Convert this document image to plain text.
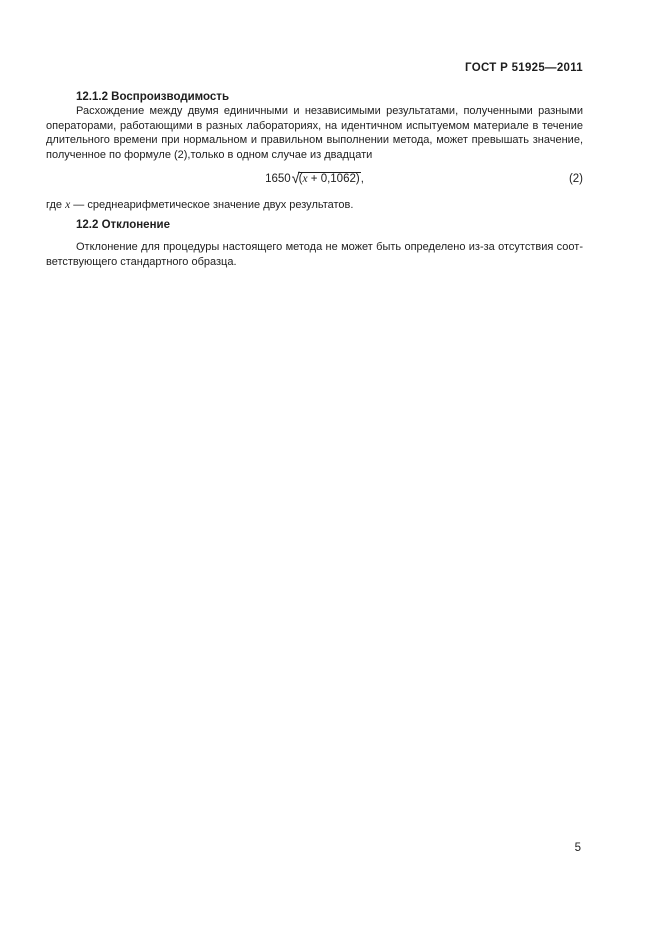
ГОСТ Р 51925—2011
12.1.2 Воспроизводимость
Расхождение между двумя единичными и независимыми результатами, полученными разными
операторами, работающими в разных лабораториях, на идентичном испытуемом материале в течение
длительного времени при нормальном и правильном выполнении метода, может превышать значение,
полученное по формуле (2),только в одном случае из двадцати
1650√(x + 0,1062),	(2)
где x — среднеарифметическое значение двух результатов.
12.2 Отклонение
Отклонение для процедуры настоящего метода не может быть определено из-за отсутствия соот-
ветствующего стандартного образца.
5
